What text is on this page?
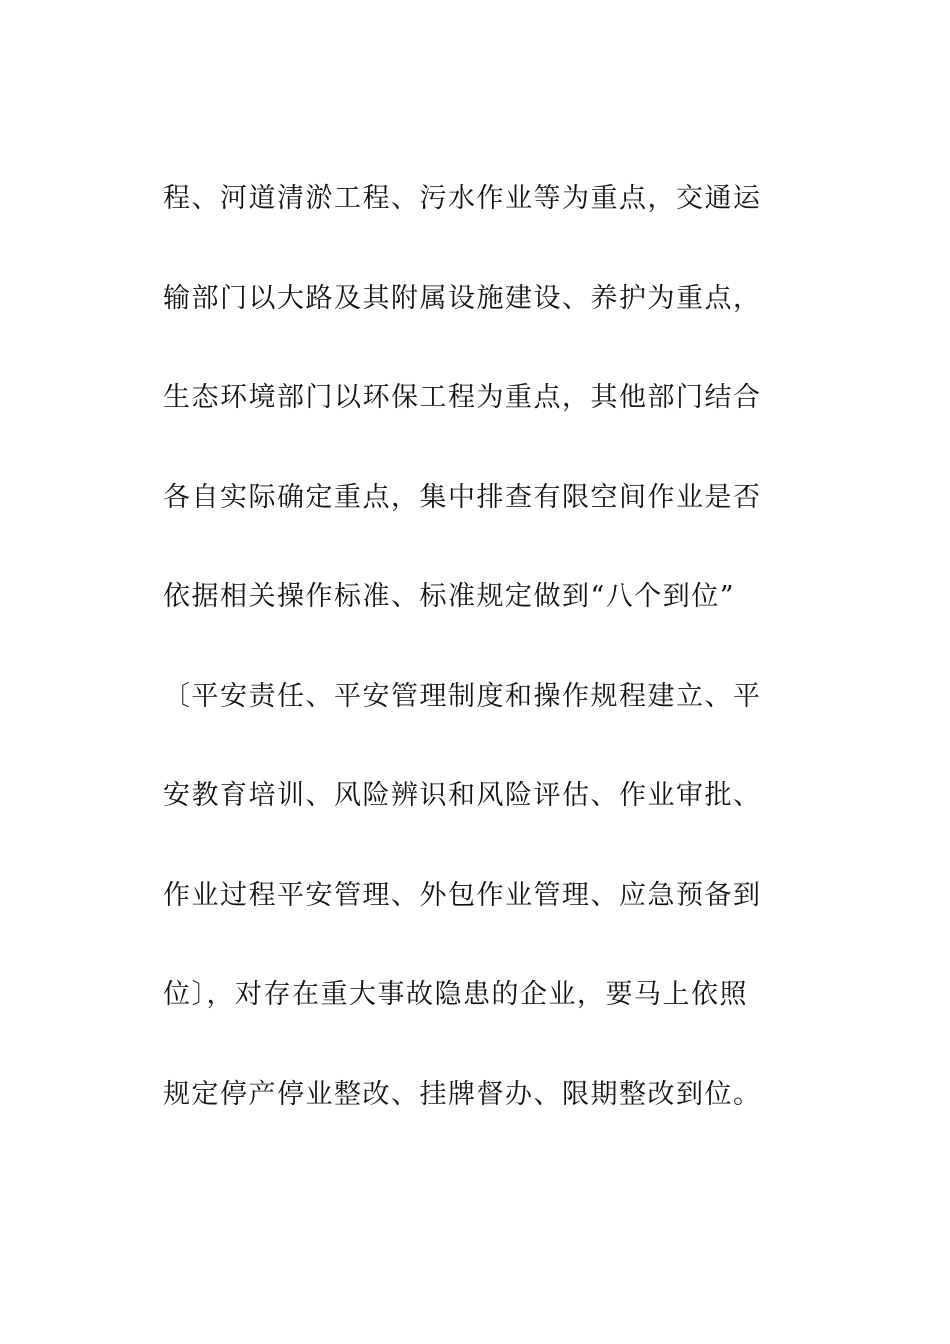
程、河道清淤工程、污水作业等为重点，交通运
输部门以大路及其附属设施建设、养护为重点，
生态环境部门以环保工程为重点，其他部门结合
各自实际确定重点，集中排查有限空间作业是否
依据相关操作标准、标准规定做到“八个到位”
〔平安责任、平安管理制度和操作规程建立、平
安教育培训、风险辨识和风险评估、作业审批、
作业过程平安管理、外包作业管理、应急预备到
位〕，对存在重大事故隐患的企业，要马上依照
规定停产停业整改、挂牌督办、限期整改到位。
